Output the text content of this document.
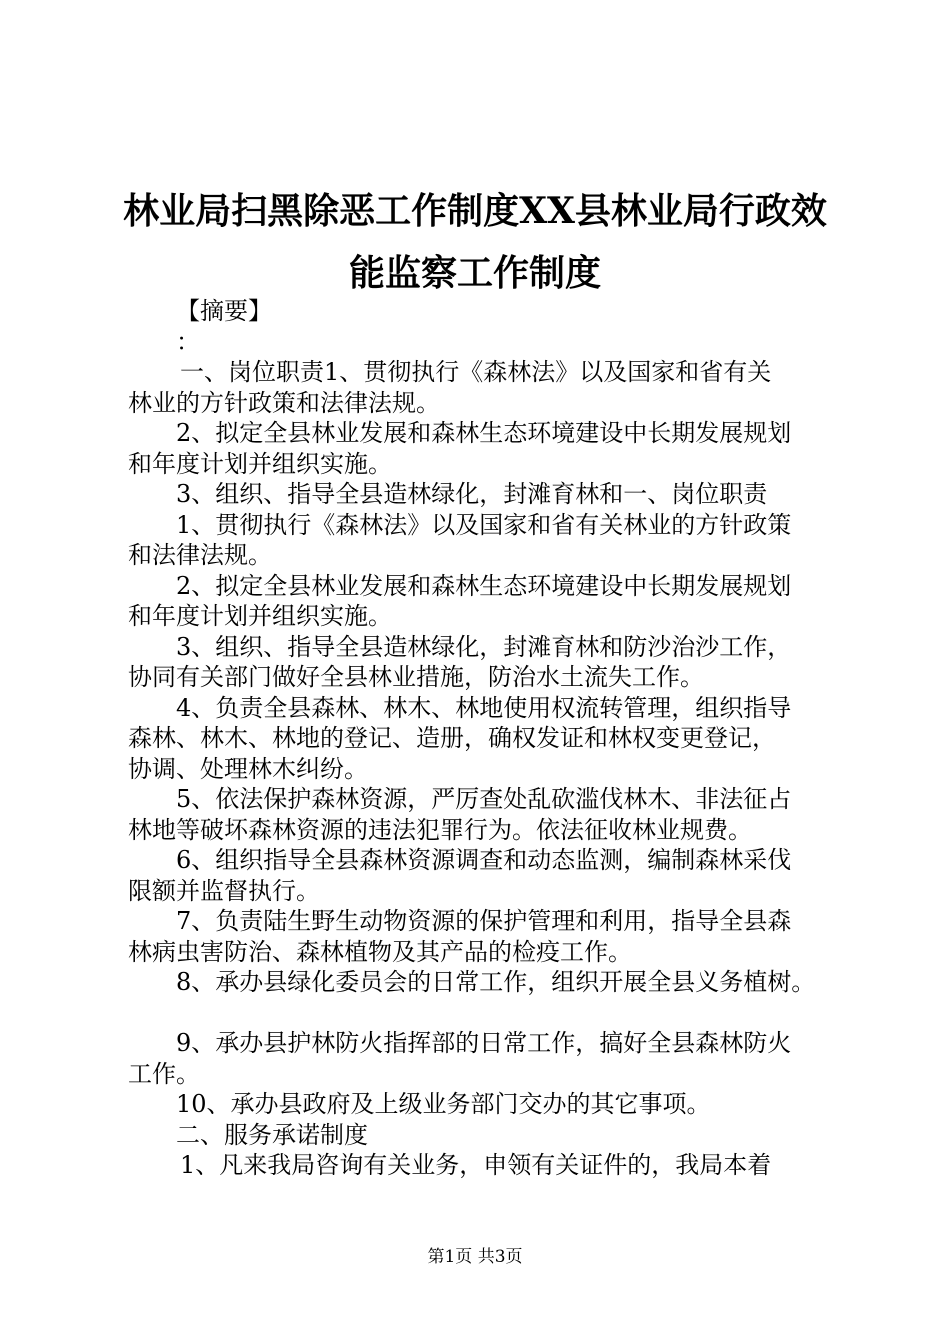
林业局扫黑除恶工作制度XX县林业局行政效
能监察工作制度
【摘要】
：
一、岗位职责1、贯彻执行《森林法》以及国家和省有关
林业的方针政策和法律法规。
2、拟定全县林业发展和森林生态环境建设中长期发展规划
和年度计划并组织实施。
3、组织、指导全县造林绿化，封滩育林和一、岗位职责
1、贯彻执行《森林法》以及国家和省有关林业的方针政策
和法律法规。
2、拟定全县林业发展和森林生态环境建设中长期发展规划
和年度计划并组织实施。
3、组织、指导全县造林绿化，封滩育林和防沙治沙工作，
协同有关部门做好全县林业措施，防治水土流失工作。
4、负责全县森林、林木、林地使用权流转管理，组织指导
森林、林木、林地的登记、造册，确权发证和林权变更登记，
协调、处理林木纠纷。
5、依法保护森林资源，严厉查处乱砍滥伐林木、非法征占
林地等破坏森林资源的违法犯罪行为。依法征收林业规费。
6、组织指导全县森林资源调查和动态监测，编制森林采伐
限额并监督执行。
7、负责陆生野生动物资源的保护管理和利用，指导全县森
林病虫害防治、森林植物及其产品的检疫工作。
8、承办县绿化委员会的日常工作，组织开展全县义务植树。
9、承办县护林防火指挥部的日常工作，搞好全县森林防火
工作。
10、承办县政府及上级业务部门交办的其它事项。
二、服务承诺制度
1、凡来我局咨询有关业务，申领有关证件的，我局本着
第1页 共3页
